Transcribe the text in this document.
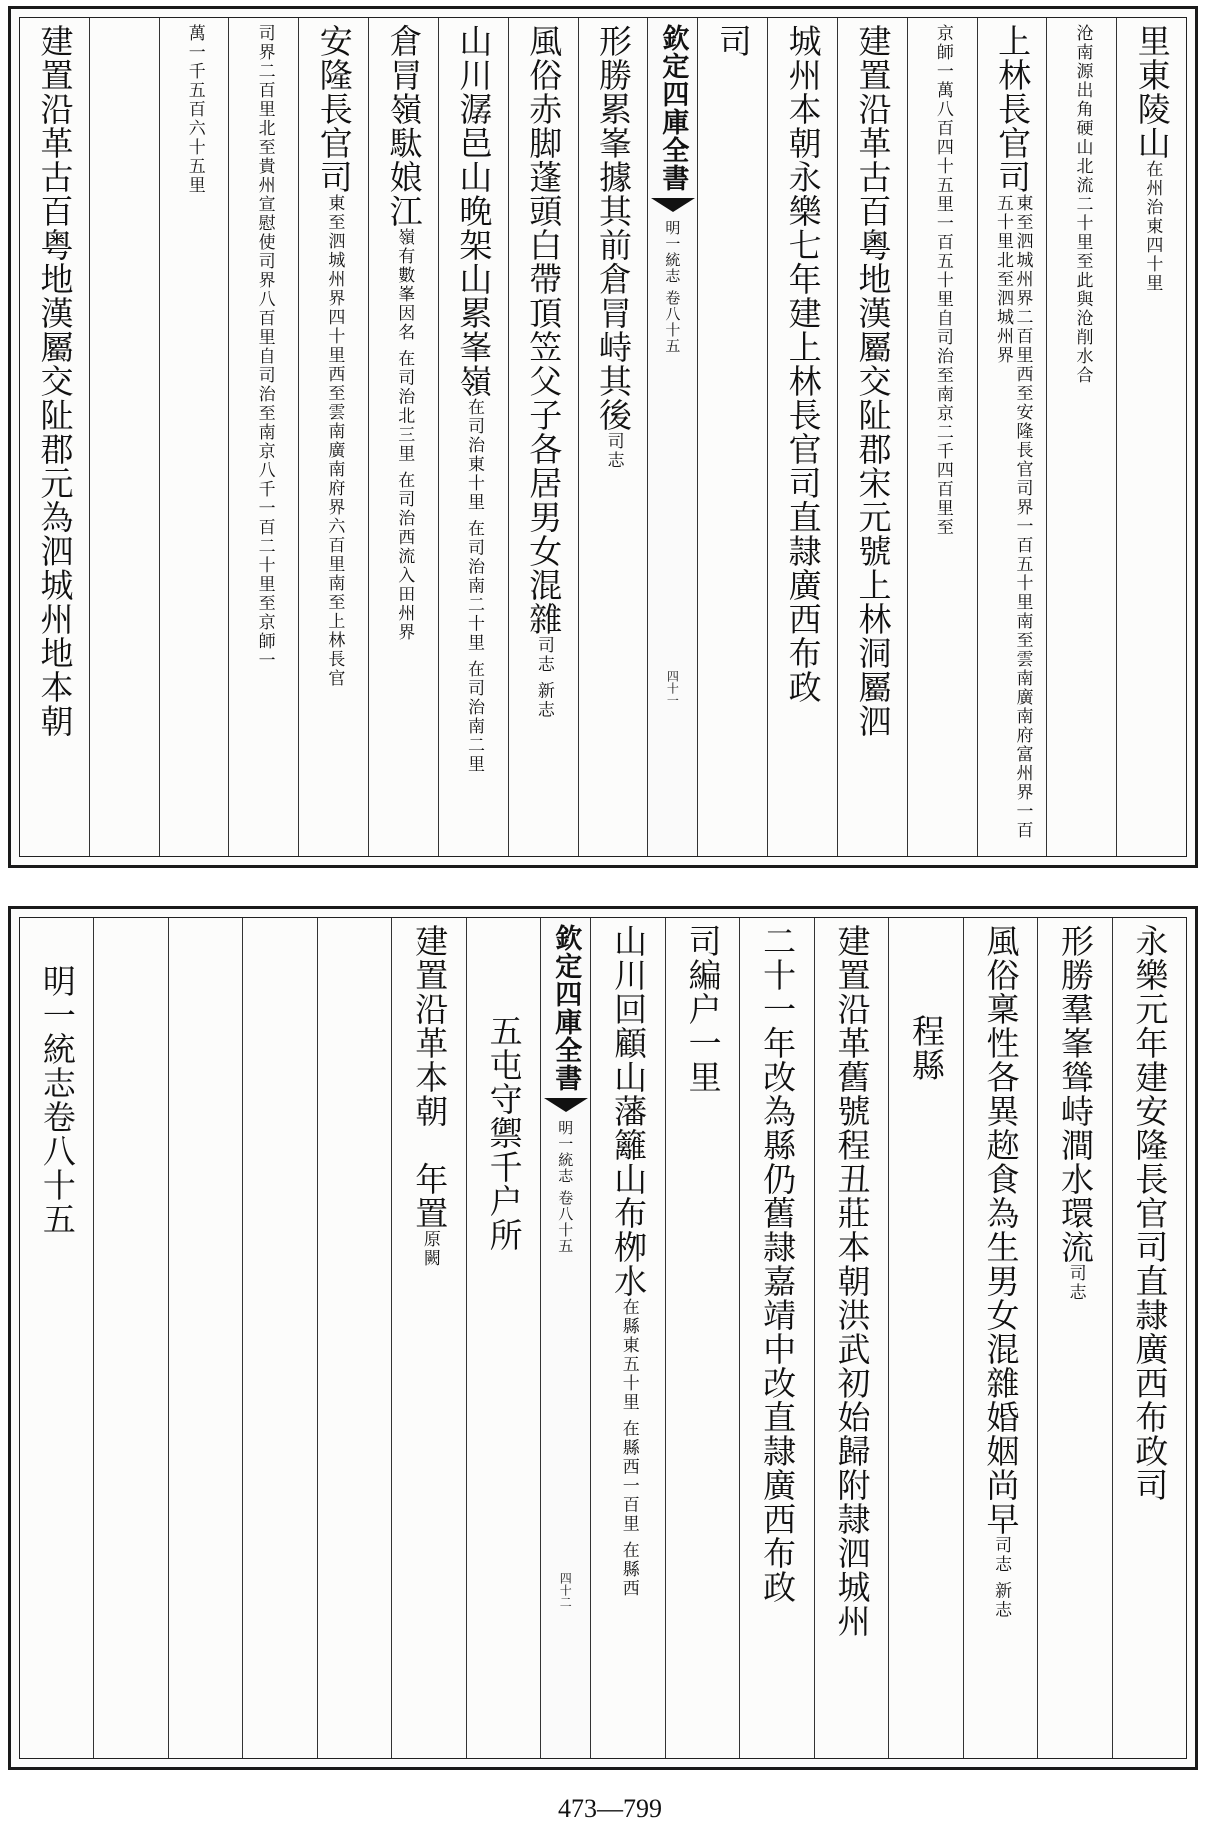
里東陵山
在州治東四十里
沧南源出角硬山北流二十里至此與沧削水合
上林長官司
東至泗城州界二百里西至安隆長官司界一百五十里南至雲南廣南府富州界一百五十里北至泗城州界
京師一萬八百四十五里
一百五十里自司治至南京二千四百里至
建置沿革古百粵地漢屬交阯郡宋元號上林洞屬泗
城州本朝永樂七年建上林長官司直隷廣西布政
司
欽定四庫全書
明一統志 卷八十五
四十一
形勝累峯據其前倉冐峙其後
司志
風俗赤脚蓬頭白帶頂笠父子各居男女混雜
司志 新志
山川潺邑山晚架山累峯嶺
在司治東十里 在司治南二十里 在司治南二里
倉冐嶺駄娘江
嶺有數峯因名 在司治北三里 在司治西流入田州界
安隆長官司
東至泗城州界四十里西至雲南廣南府界六百里南至上林長官
司界二百里北至貴州宣慰使司界八百里自司治至南京八千一百二十里至京師一
萬一千五百六十五里
建置沿革古百粤地漢屬交阯郡元為泗城州地本朝
永樂元年建安隆長官司直隷廣西布政司
形勝羣峯聳峙澗水環流
司志
風俗稟性各異趂食為生男女混雜婚姻尚早
司志 新志
程縣
建置沿革舊號程丑莊本朝洪武初始歸附隷泗城州
二十一年改為縣仍舊隷嘉靖中改直隷廣西布政
司編户一里
山川回顧山藩籬山布栁水
在縣東五十里 在縣西一百里 在縣西
欽定四庫全書
明一統志 卷八十五
四十二
五屯守禦千户所
建置沿革本朝　年置
原闕
明一統志卷八十五
473—799
